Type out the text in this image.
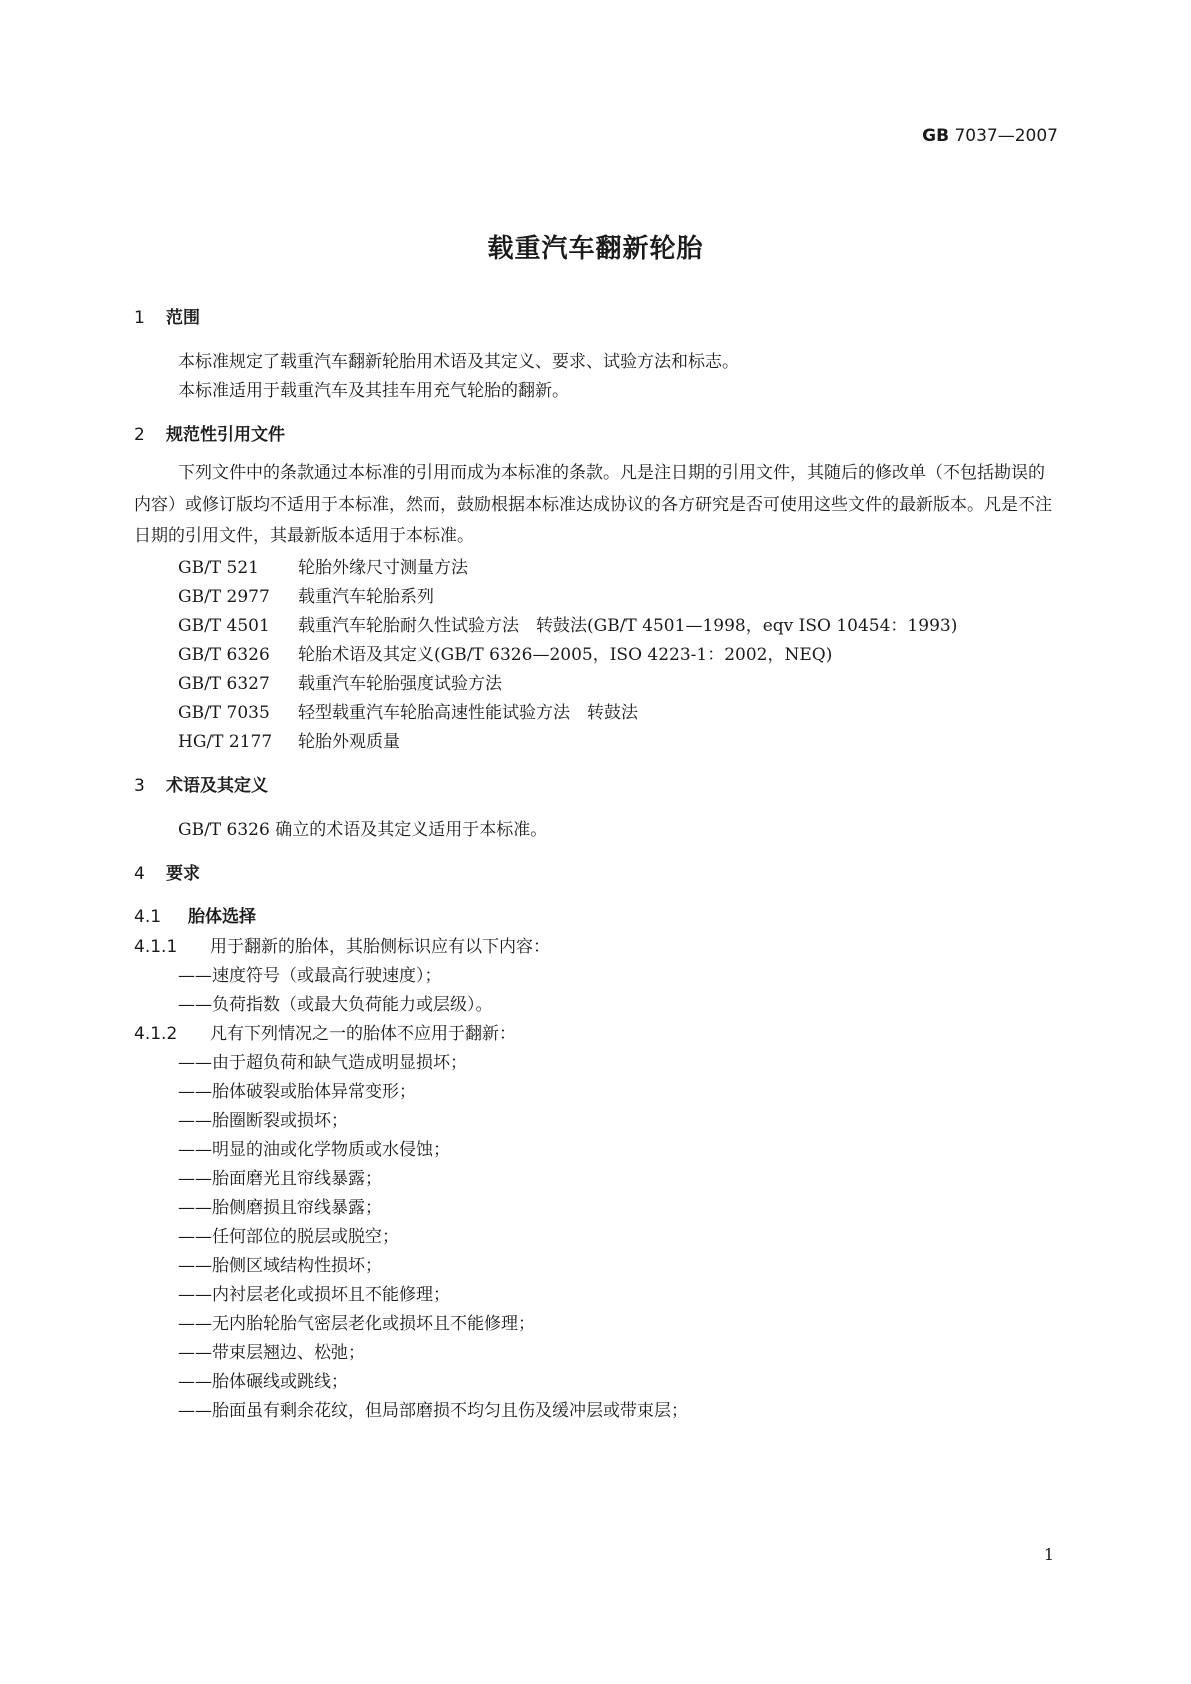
GB 7037—2007
载重汽车翻新轮胎
1 范围
本标准规定了载重汽车翻新轮胎用术语及其定义、要求、试验方法和标志。
本标准适用于载重汽车及其挂车用充气轮胎的翻新。
2 规范性引用文件
下列文件中的条款通过本标准的引用而成为本标准的条款。凡是注日期的引用文件，其随后的修改单（不包括勘误的内容）或修订版均不适用于本标准，然而，鼓励根据本标准达成协议的各方研究是否可使用这些文件的最新版本。凡是不注日期的引用文件，其最新版本适用于本标准。
GB/T 521 轮胎外缘尺寸测量方法
GB/T 2977 载重汽车轮胎系列
GB/T 4501 载重汽车轮胎耐久性试验方法　转鼓法(GB/T 4501—1998，eqv ISO 10454：1993)
GB/T 6326 轮胎术语及其定义(GB/T 6326—2005，ISO 4223-1：2002，NEQ)
GB/T 6327 载重汽车轮胎强度试验方法
GB/T 7035 轻型载重汽车轮胎高速性能试验方法　转鼓法
HG/T 2177 轮胎外观质量
3 术语及其定义
GB/T 6326 确立的术语及其定义适用于本标准。
4 要求
4.1 胎体选择
4.1.1 用于翻新的胎体，其胎侧标识应有以下内容：
——速度符号（或最高行驶速度）；
——负荷指数（或最大负荷能力或层级）。
4.1.2 凡有下列情况之一的胎体不应用于翻新：
——由于超负荷和缺气造成明显损坏；
——胎体破裂或胎体异常变形；
——胎圈断裂或损坏；
——明显的油或化学物质或水侵蚀；
——胎面磨光且帘线暴露；
——胎侧磨损且帘线暴露；
——任何部位的脱层或脱空；
——胎侧区域结构性损坏；
——内衬层老化或损坏且不能修理；
——无内胎轮胎气密层老化或损坏且不能修理；
——带束层翘边、松弛；
——胎体碾线或跳线；
——胎面虽有剩余花纹，但局部磨损不均匀且伤及缓冲层或带束层；
1
